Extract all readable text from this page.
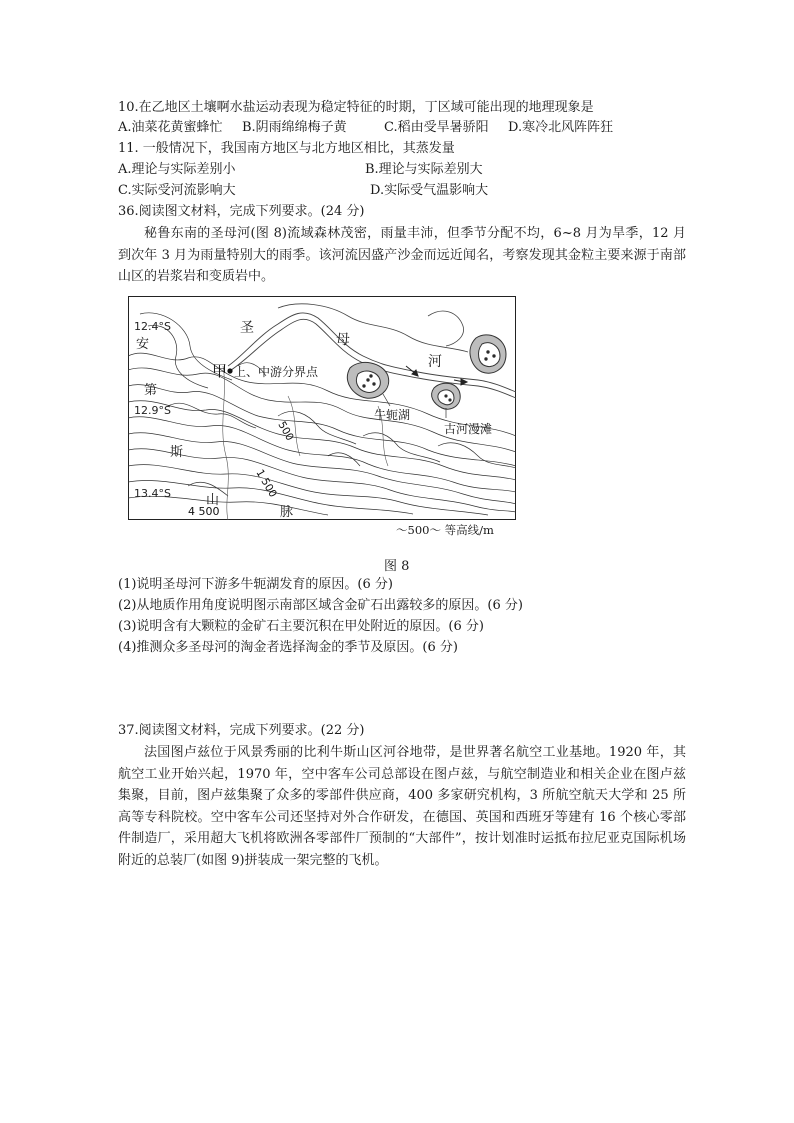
10.在乙地区土壤啊水盐运动表现为稳定特征的时期，丁区域可能出现的地理现象是
A.油菜花黄蜜蜂忙 B.阴雨绵绵梅子黄	C.稻由受旱暑骄阳 D.寒冷北风阵阵狂
11. 一般情况下，我国南方地区与北方地区相比，其蒸发量
A.理论与实际差别小	B.理论与实际差别大
C.实际受河流影响大	D.实际受气温影响大
36.阅读图文材料，完成下列要求。(24 分)
秘鲁东南的圣母河(图 8)流域森林茂密，雨量丰沛，但季节分配不均，6~8 月为旱季，12 月到次年 3 月为雨量特别大的雨季。该河流因盛产沙金而远近闻名，考察发现其金粒主要来源于南部山区的岩浆岩和变质岩中。
12.4°S
12.9°S
13.4°S
安
第
斯
山
脉
圣
母
河
甲 上、中游分界点
牛轭湖
古河漫滩
500
1 500
4 500
～500～ 等高线/m
图 8
(1)说明圣母河下游多牛轭湖发育的原因。(6 分)
(2)从地质作用角度说明图示南部区域含金矿石出露较多的原因。(6 分)
(3)说明含有大颗粒的金矿石主要沉积在甲处附近的原因。(6 分)
(4)推测众多圣母河的淘金者选择淘金的季节及原因。(6 分)
37.阅读图文材料，完成下列要求。(22 分)
法国图卢兹位于风景秀丽的比利牛斯山区河谷地带，是世界著名航空工业基地。1920 年，其航空工业开始兴起，1970 年，空中客车公司总部设在图卢兹，与航空制造业和相关企业在图卢兹集聚，目前，图卢兹集聚了众多的零部件供应商，400 多家研究机构，3 所航空航天大学和 25 所高等专科院校。空中客车公司还坚持对外合作研发，在德国、英国和西班牙等建有 16 个核心零部件制造厂，采用超大飞机将欧洲各零部件厂预制的“大部件”，按计划准时运抵布拉尼亚克国际机场附近的总装厂(如图 9)拼装成一架完整的飞机。
